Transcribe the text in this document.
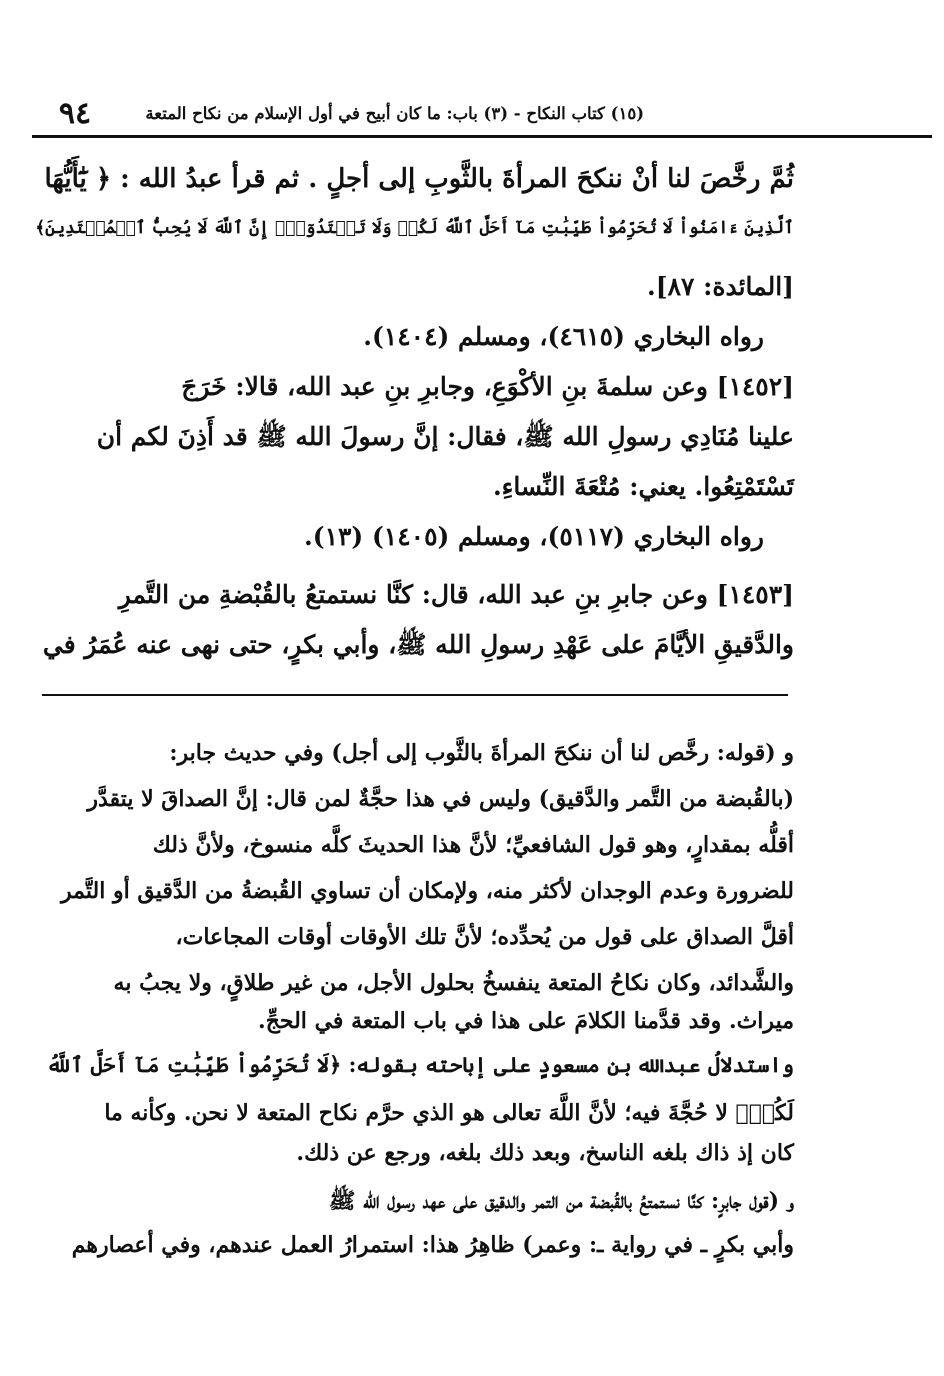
٩٤	(١٥) كتاب النكاح - (٣) باب: ما كان أبيح في أول الإسلام من نكاح المتعة
ثُمَّ رخَّصَ لنا أنْ ننكحَ المرأةَ بالثَّوبِ إلى أجلٍ . ثم قرأ عبدُ الله : ﴿ يَٰٓأَيُّهَا
ٱلَّذِينَ ءَامَنُواْ لَا تُحَرِّمُواْ طَيِّبَٰتِ مَآ أَحَلَّ ٱللَّهُ لَكُمۡ وَلَا تَعۡتَدُوٓاْۚ إِنَّ ٱللَّهَ لَا يُحِبُّ ٱلۡمُعۡتَدِينَ﴾
[المائدة: ٨٧].
رواه البخاري (٤٦١٥)، ومسلم (١٤٠٤).
[١٤٥٢] وعن سلمةَ بنِ الأكْوَعِ، وجابرِ بنِ عبد الله، قالا: خَرَجَ
علينا مُنَادِي رسولِ الله ﷺ، فقال: إنَّ رسولَ الله ﷺ قد أَذِنَ لكم أن
تَسْتَمْتِعُوا. يعني: مُتْعَةَ النِّساءِ.
رواه البخاري (٥١١٧)، ومسلم (١٤٠٥) (١٣).
[١٤٥٣] وعن جابرِ بنِ عبد الله، قال: كنَّا نستمتعُ بالقُبْضةِ من التَّمرِ
والدَّقيقِ الأيَّامَ على عَهْدِ رسولِ الله ﷺ، وأبي بكرٍ، حتى نهى عنه عُمَرُ في
و (قوله: رخَّص لنا أن ننكحَ المرأةَ بالثَّوب إلى أجل) وفي حديث جابر:
(بالقُبضة من التَّمر والدَّقيق) وليس في هذا حجَّةٌ لمن قال: إنَّ الصداقَ لا يتقدَّر
أقلُّه بمقدارٍ، وهو قول الشافعيِّ؛ لأنَّ هذا الحديثَ كلَّه منسوخ، ولأنَّ ذلك
للضرورة وعدم الوجدان لأكثر منه، ولإمكان أن تساوي القُبضةُ من الدَّقيق أو التَّمر
أقلَّ الصداق على قول من يُحدِّده؛ لأنَّ تلك الأوقات أوقات المجاعات،
والشَّدائد، وكان نكاحُ المتعة ينفسخُ بحلول الأجل، من غير طلاقٍ، ولا يجبُ به
ميراث. وقد قدَّمنا الكلامَ على هذا في باب المتعة في الحجِّ.
واستدلالُ عبدالله بن مسعودٍ على إباحته بقوله: ﴿لَا تُحَرِّمُواْ طَيِّبَٰتِ مَآ أَحَلَّ ٱللَّهُ
لَكُمۡ﴾ لا حُجَّةَ فيه؛ لأنَّ اللَّهَ تعالى هو الذي حرَّم نكاح المتعة لا نحن. وكأنه ما
كان إذ ذاك بلغه الناسخ، وبعد ذلك بلغه، ورجع عن ذلك.
و (قول جابرٍ: كنَّا نستمتعُ بالقُبضة من التمر والدقيق على عهد رسول الله ﷺ
وأبي بكرٍ ـ في رواية ـ: وعمر) ظاهِرُ هذا: استمرارُ العمل عندهم، وفي أعصارهم
